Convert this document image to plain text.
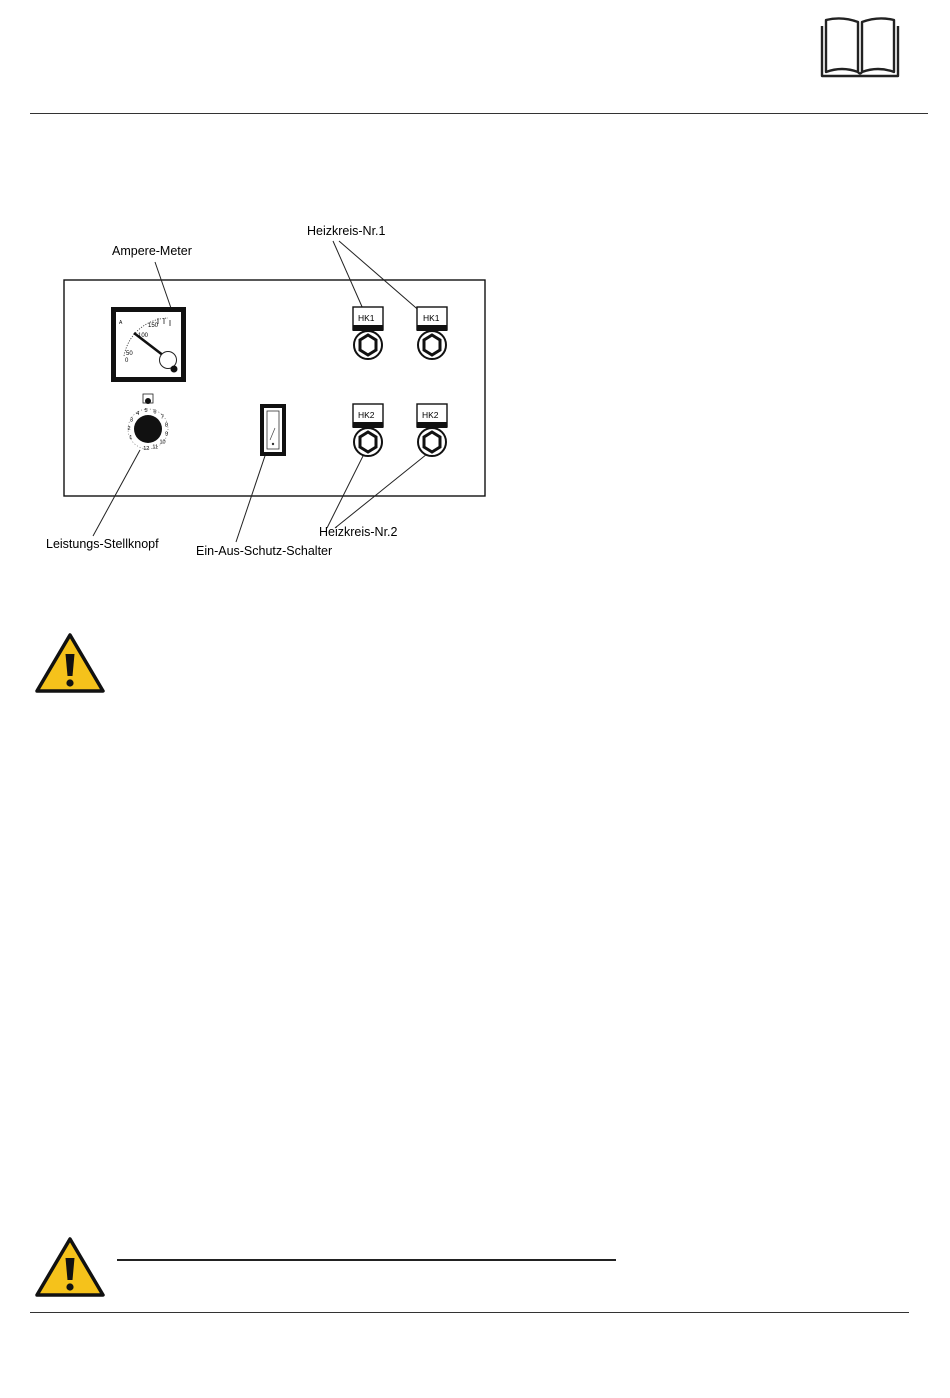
A
0
50
100
150
1
2
3
4 5 6
7
8
9
10
11
12
HK1	HK1
HK2	HK2
Ampere-Meter
Heizkreis-Nr.1
Heizkreis-Nr.2
Leistungs-Stellknopf	Ein-Aus-Schutz-Schalter
